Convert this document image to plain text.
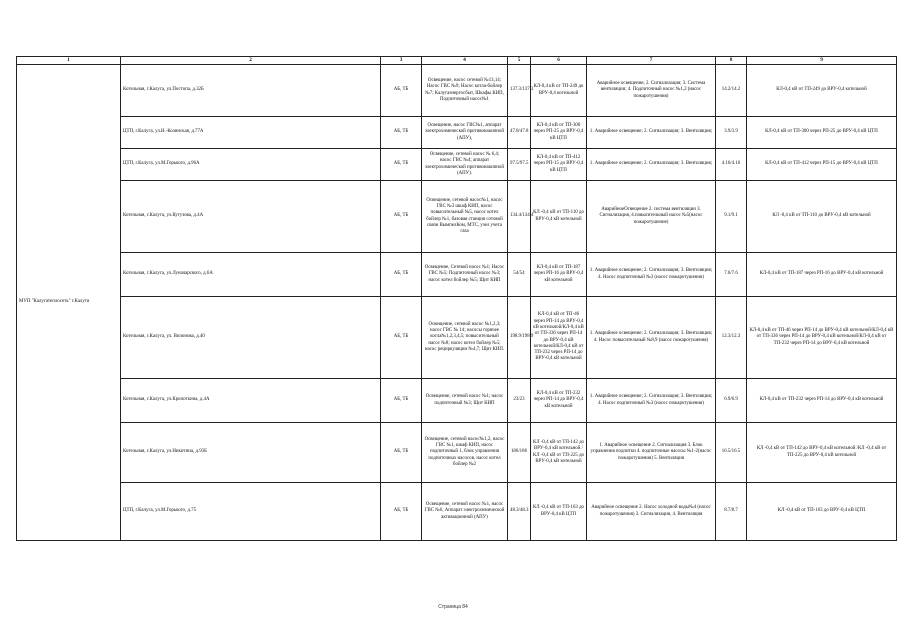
1	2	3	4	5	6	7	8	9
МУП "Калугатеплосеть" г.Калуги	Котельная, г.Калуга, ул.Постопа, д.32Б	АБ, ТБ	Освещение, насос сетевой №13,14; Насос ГВС №9; Насос котла-бойлер №7; Калугаэнергосбыт, Шкафы КИП, Подпиточный насос№1	137.3/137.3	КЛ-0,4 кВ от ТП-249 до ВРУ-0,4 котельной	Аварийное освещение; 2. Сигнализация; 3. Система вентиляции; 4. Подпиточный насос №1,2 (насос пожаротушения)	14.2/14.2	КЛ-0,4 кВ от ТП-249 до ВРУ-0,4 котельной
	ЦТП, г.Калуга, ул.Н.-Козинская, д.77А	АБ, ТБ	Освещение, насос ГВС№1, аппарат электрохимической противонакипной (АПУ),	47.8/47.8	КЛ-0,4 кВ от ТП-300 через РП-25 до ВРУ-0,4 кВ ЦТП	1. Аварийное освещение; 2. Сигнализация; 3. Вентиляция;	3.9/3.9	КЛ-0,4 кВ от ТП-300 через РП-25 до ВРУ-0,4 кВ ЦТП
	ЦТП, г.Калуга, ул.М.Горького, д.96А	АБ, ТБ	Освещение, сетевой насос № 6,4; насос ГВС №4; аппарат электрохимической противонакипной (АПУ).	97.5/97.5	КЛ-0,4 кВ от ТП-412 через РП-15 до ВРУ-0,4 кВ ЦТП	1. Аварийное освещение; 2. Сигнализация; 3. Вентиляция;	4.16/4.16	КЛ-0,4 кВ от ТП-412 через РП-15 до ВРУ-0,4 кВ ЦТП
	Котельная, г.Калуга, ул.Кутузова, д.4А	АБ, ТБ	Освещение, сетевой насос№1, насос ГВС №3 шкаф КИП, насос повысительный №5, насос котел бойлер №1, базовая станция сотовой связи ВымпелКом, МТС, узел учета газа	134.4/134.4	КЛ -0,4 кВ от ТП-110 до ВРУ-0,4 кВ котельной	АварийноеОсвещение 2. система вентиляции 3. Сигнализация, 4.повысительный насос №5(насос пожаротушение)	9.1/9.1	КЛ -0,4 кВ от ТП-110 до ВРУ-0,4 кВ котельной
	Котельная, г.Калуга, ул.Луначарского, д.6А	АБ, ТБ	Освещение, Сетевой насос №1; Насос ГВС №5; Подпиточный насос №3; насос котел бойлер №5; Щит КИП	54/54	КЛ-0,4 кВ от ТП-187 через РП-16 до ВРУ-0,4 кВ котельной	1. Аварийное освещение; 2. Сигнализация; 3. Вентиляция; 4. Насос подпиточный №3 (насос пожаротушения)	7.6/7.6	КЛ-0,4 кВ от ТП-187 через РП-16 до ВРУ-0,4 кВ котельной
	Котельная, г.Калуга, ул. Вилонова, д.40	АБ, ТБ	Освещение, сетевой насос №1,2,3; насос ГВС № 14; насосы горячее котла№1,2,3,4,5; повысительный насос №8; насос котел бойлер №5; насос рециркуляции №4,7; Щит КИП.	198.9/198.9	КЛ-0,4 кВ от ТП-46 через РП-14 до ВРУ-0,4 кВ котельной/КЛ-0,4 кВ от ТП-336 через РП-14 до ВРУ-0,4 кВ котельной/КЛ-0,4 кВ от ТП-232 через РП-14 до ВРУ-0,4 кВ котельной	1. Аварийное освещение; 2. Сигнализация; 3. Вентиляция; 4. Насос повысительный №8,9 (насос пожаротушения)	12.3/12.3	КЛ-0,4 кВ от ТП-46 через РП-14 до ВРУ-0,4 кВ котельной/КЛ-0,4 кВ от ТП-336 через РП-14 до ВРУ-0,4 кВ котельной/КЛ-0,4 кВ от ТП-232 через РП-14 до ВРУ-0,4 кВ котельной
	Котельная, г.Калуга, ул.Кропоткина, д.4А	АБ, ТБ	Освещение, сетевой насос №1; насос подпиточный №3; Щит КИП	23/23	КЛ-0,4 кВ от ТП-232 через РП-14 до ВРУ-0,4 кВ котельной	1. Аварийное освещение; 2. Сигнализация; 3. Вентиляция; 4. Насос подпиточный №3 (насос пожаротушения)	6.9/6.9	КЛ-0,4 кВ от ТП-232 через РП-14 до ВРУ-0,4 кВ котельной
	Котельная, г.Калуга, ул.Никитина, д.93Б	АБ, ТБ	Освещение, сетевой насос№1,2, насос ГВС №1, шкаф КИП, насос подпиточный 1, блок управления подпиточных насосов, насос котел бойлер №2	186/186	КЛ -0,4 кВ от ТП-142 до ВРУ-0,4 кВ котельной /КЛ -0,4 кВ от ТП-225 до ВРУ-0,4 кВ котельной	1. Аварийное освещение 2. Сигнализация 3. Блок управления подпитки 4. подпиточные насосы №1-2(насос пожаротушения) 5. Вентиляция	16.5/16.5	КЛ -0,4 кВ от ТП-142 до ВРУ-0,4 кВ котельной /КЛ -0,4 кВ от ТП-225 до ВРУ-0,4 кВ котельной
	ЦТП, г.Калуга, ул.М.Горького, д.75	АБ, ТБ	Освещение, сетевой насос №1, насос ГВС №6, Аппарат электрохимической активационной (АПУ)	48.3/48.3	КЛ -0,4 кВ от ТП-163 до ВРУ-0,4 кВ ЦТП	Аварийное освещение 2. Насос холодной воды№4 (насос пожаротушения) 3. Сигнализация, 4. Вентиляция	8.7/8.7	КЛ -0,4 кВ от ТП-163 до ВРУ-0,4 кВ ЦТП
Страница 84
